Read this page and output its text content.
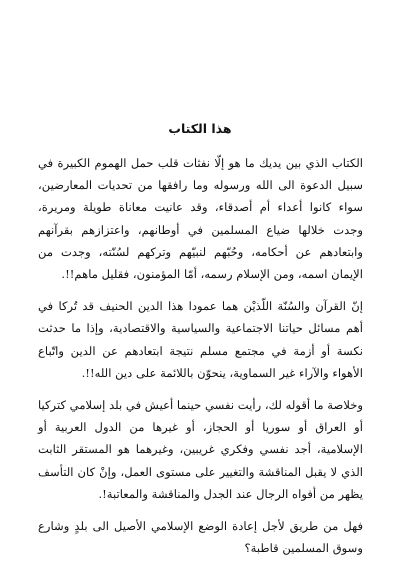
هذا الكتاب

الكتاب الذي بين يديك ما هو إلّا نفثات قلب حمل الهموم الكبيرة في سبيل الدعوة الى الله ورسوله وما رافقها من تحديات المعارضين، سواء كانوا أعداء أم أصدقاء، وقد عانيت معاناة طويلة ومريرة، وجدت خلالها ضياع المسلمين في أوطانهم، واعتزازهم بقرآنهم وابتعادهم عن أحكامه، وحُبّهم لنبيّهم وتركهم لسُنّته، وجدت من الإيمان اسمه، ومن الإسلام رسمه، أمّا المؤمنون، فقليل ماهم!!.

إنّ القرآن والسُنّة اللّذيْن هما عمودا هذا الدين الحنيف قد تُركا في أهم مسائل حياتنا الاجتماعية والسياسية والاقتصادية، وإذا ما حدثت نكسة أو أزمة في مجتمع مسلم نتيجة ابتعادهم عن الدين واتّباع الأهواء والآراء غير السماوية، ينحوّن باللائمة على دين الله!!.

وخلاصة ما أقوله لك، رأيت نفسي حينما أعيش في بلد إسلامي كتركيا أو العراق أو سوريا أو الحجاز، أو غيرها من الدول العربية أو الإسلامية، أجد نفسي وفكري غريبين، وغيرهما هو المستقر الثابت الذي لا يقبل المناقشة والتغيير على مستوى العمل، وإنْ كان التأسف يظهر من أفواه الرجال عند الجدل والمناقشة والمعاتبة!.

فهل من طريق لأجل إعادة الوضع الإسلامي الأصيل الى بلدٍ وشارع وسوق المسلمين قاطبة؟
